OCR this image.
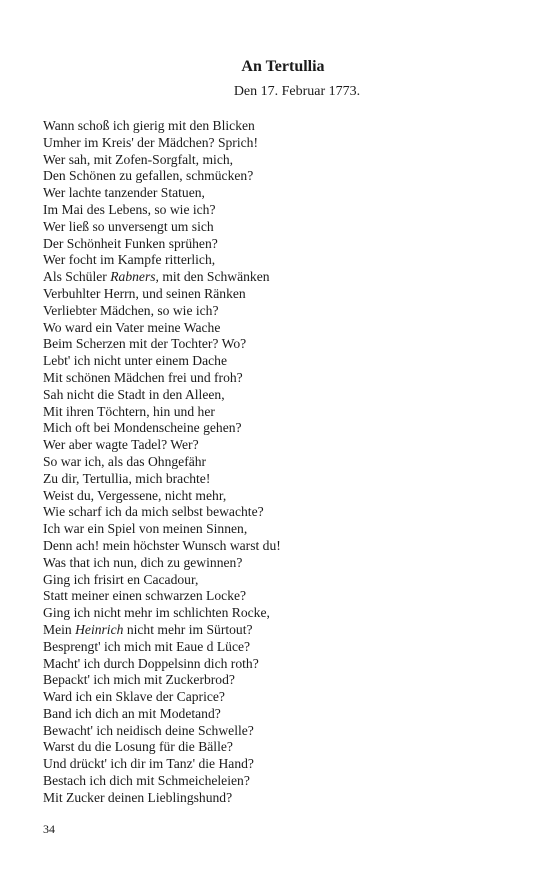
An Tertullia
Den 17. Februar 1773.
Wann schoß ich gierig mit den Blicken
Umher im Kreis' der Mädchen? Sprich!
Wer sah, mit Zofen-Sorgfalt, mich,
Den Schönen zu gefallen, schmücken?
Wer lachte tanzender Statuen,
Im Mai des Lebens, so wie ich?
Wer ließ so unversengt um sich
Der Schönheit Funken sprühen?
Wer focht im Kampfe ritterlich,
Als Schüler Rabners, mit den Schwänken
Verbuhlter Herrn, und seinen Ränken
Verliebter Mädchen, so wie ich?
Wo ward ein Vater meine Wache
Beim Scherzen mit der Tochter? Wo?
Lebt' ich nicht unter einem Dache
Mit schönen Mädchen frei und froh?
Sah nicht die Stadt in den Alleen,
Mit ihren Töchtern, hin und her
Mich oft bei Mondenscheine gehen?
Wer aber wagte Tadel? Wer?
So war ich, als das Ohngefähr
Zu dir, Tertullia, mich brachte!
Weist du, Vergessene, nicht mehr,
Wie scharf ich da mich selbst bewachte?
Ich war ein Spiel von meinen Sinnen,
Denn ach! mein höchster Wunsch warst du!
Was that ich nun, dich zu gewinnen?
Ging ich frisirt en Cacadour,
Statt meiner einen schwarzen Locke?
Ging ich nicht mehr im schlichten Rocke,
Mein Heinrich nicht mehr im Sürtout?
Besprengt' ich mich mit Eaue d Lüce?
Macht' ich durch Doppelsinn dich roth?
Bepackt' ich mich mit Zuckerbrod?
Ward ich ein Sklave der Caprice?
Band ich dich an mit Modetand?
Bewacht' ich neidisch deine Schwelle?
Warst du die Losung für die Bälle?
Und drückt' ich dir im Tanz' die Hand?
Bestach ich dich mit Schmeicheleien?
Mit Zucker deinen Lieblingshund?
34
